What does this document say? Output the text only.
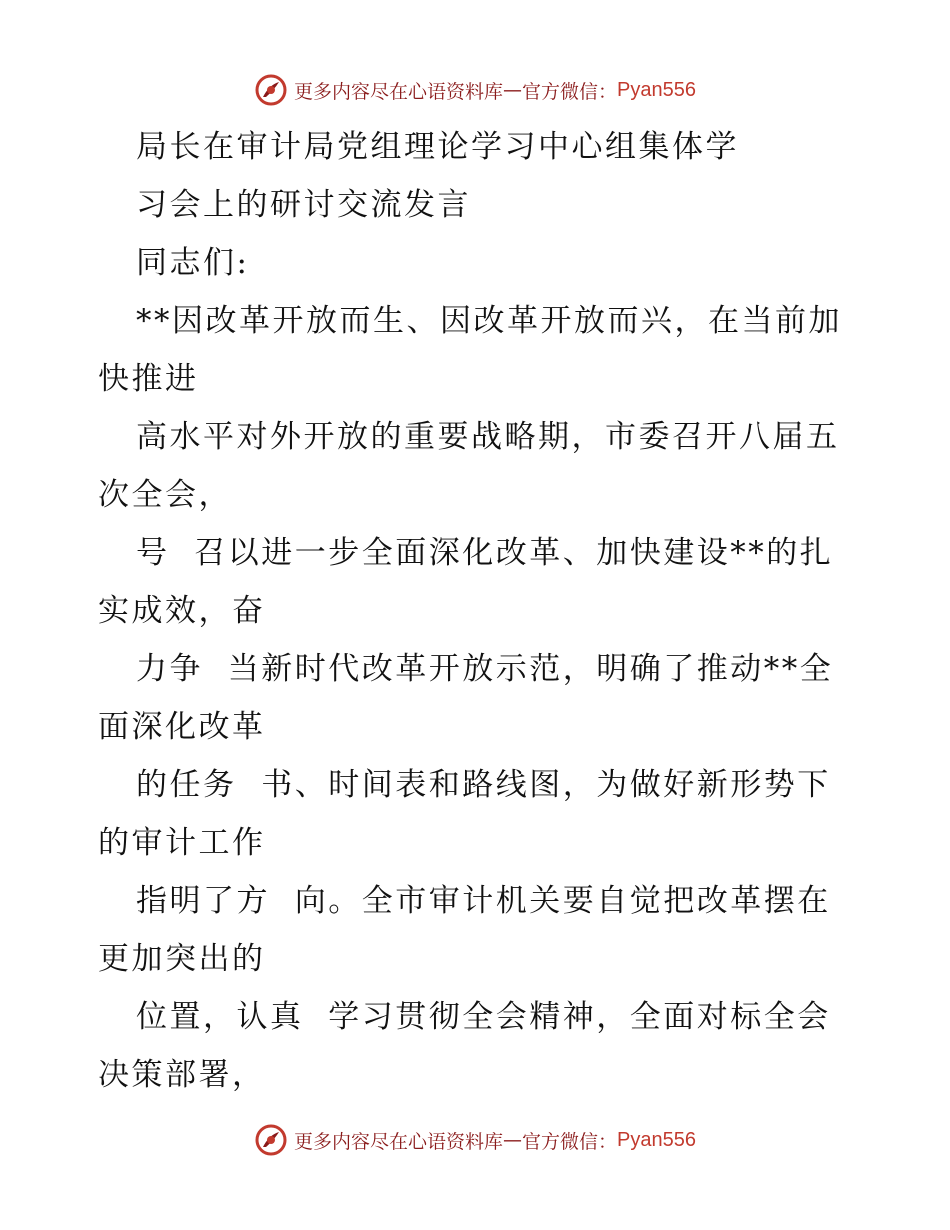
更多内容尽在心语资料库 — 官方微信： Pyan556
局长在审计局党组理论学习中心组集体学
习会上的研讨交流发言
同志们:
**因改革开放而生、因改革开放而兴，在当前加
快推进
高水平对外开放的重要战略期，市委召开八届五
次全会，
号  召以进一步全面深化改革、加快建设**的扎
实成效，奋
力争  当新时代改革开放示范，明确了推动**全
面深化改革
的任务  书、时间表和路线图，为做好新形势下
的审计工作
指明了方  向。全市审计机关要自觉把改革摆在
更加突出的
位置，认真  学习贯彻全会精神，全面对标全会
决策部署，
更多内容尽在心语资料库 — 官方微信： Pyan556
